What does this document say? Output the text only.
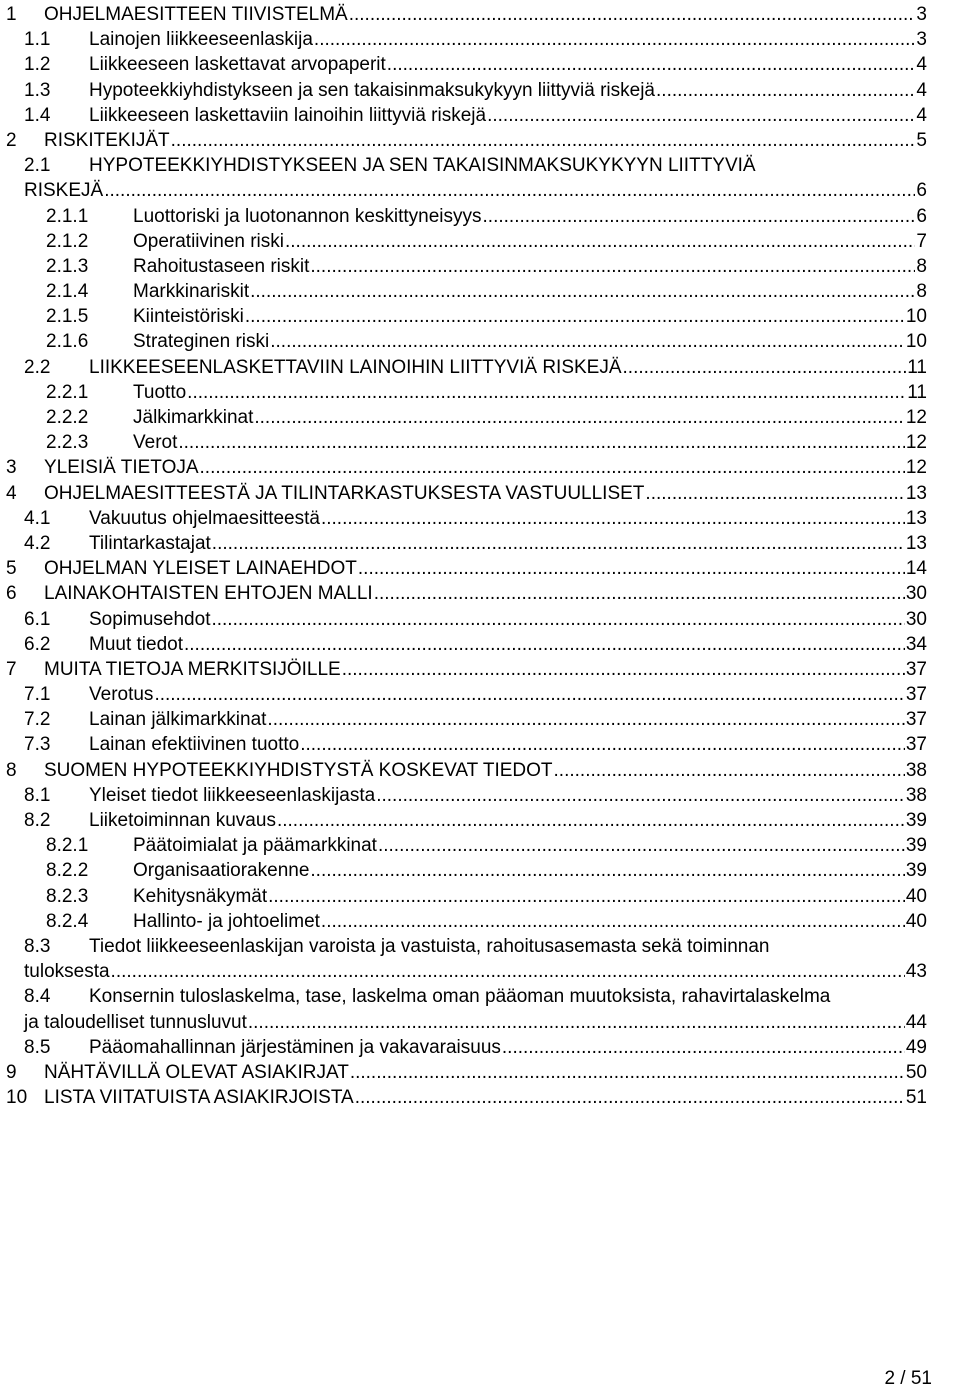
1 OHJELMAESITTEEN TIIVISTELMÄ .....	3
1.1 Lainojen liikkeeseenlaskija .....	3
1.2 Liikkeeseen laskettavat arvopaperit .....	4
1.3 Hypoteekkiyhdistykseen ja sen takaisinmaksukykyyn liittyviä riskejä .....	4
1.4 Liikkeeseen laskettaviin lainoihin liittyviä riskejä .....	4
2 RISKITEKIJÄT .....	5
2.1 HYPOTEEKKIYHDISTYKSEEN JA SEN TAKAISINMAKSUKYKYYN LIITTYVIÄ
RISKEJÄ .....	6
2.1.1 Luottoriski ja luotonannon keskittyneisyys .....	6
2.1.2 Operatiivinen riski .....	7
2.1.3 Rahoitustaseen riskit .....	8
2.1.4 Markkinariskit .....	8
2.1.5 Kiinteistöriski .....	10
2.1.6 Strateginen riski .....	10
2.2 LIIKKEESEENLASKETTAVIIN LAINOIHIN LIITTYVIÄ RISKEJÄ .....	11
2.2.1 Tuotto .....	11
2.2.2 Jälkimarkkinat .....	12
2.2.3 Verot .....	12
3 YLEISIÄ TIETOJA .....	12
4 OHJELMAESITTEESTÄ JA TILINTARKASTUKSESTA VASTUULLISET .....	13
4.1 Vakuutus ohjelmaesitteestä .....	13
4.2 Tilintarkastajat .....	13
5 OHJELMAN YLEISET LAINAEHDOT .....	14
6 LAINAKOHTAISTEN EHTOJEN MALLI .....	30
6.1 Sopimusehdot .....	30
6.2 Muut tiedot .....	34
7 MUITA TIETOJA MERKITSIJÖILLE .....	37
7.1 Verotus .....	37
7.2 Lainan jälkimarkkinat .....	37
7.3 Lainan efektiivinen tuotto .....	37
8 SUOMEN HYPOTEEKKIYHDISTYSTÄ KOSKEVAT TIEDOT .....	38
8.1 Yleiset tiedot liikkeeseenlaskijasta .....	38
8.2 Liiketoiminnan kuvaus .....	39
8.2.1 Päätoimialat ja päämarkkinat .....	39
8.2.2 Organisaatiorakenne .....	39
8.2.3 Kehitysnäkymät .....	40
8.2.4 Hallinto- ja johtoelimet .....	40
8.3 Tiedot liikkeeseenlaskijan varoista ja vastuista, rahoitusasemasta sekä toiminnan
tuloksesta .....	43
8.4 Konsernin tuloslaskelma, tase, laskelma oman pääoman muutoksista, rahavirtalaskelma
ja taloudelliset tunnusluvut .....	44
8.5 Pääomahallinnan järjestäminen ja vakavaraisuus .....	49
9 NÄHTÄVILLÄ OLEVAT ASIAKIRJAT .....	50
10 LISTA VIITATUISTA ASIAKIRJOISTA .....	51
2 / 51
